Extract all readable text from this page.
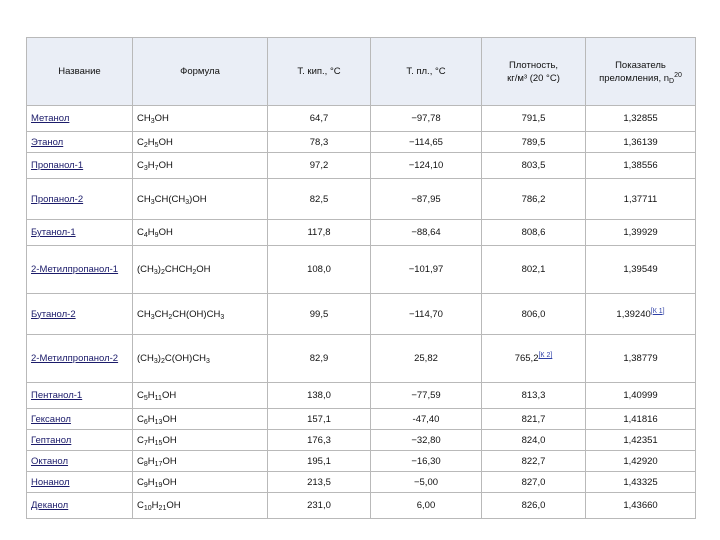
Название	Формула	Т. кип., °C	Т. пл., °C	Плотность,
кг/м³ (20 °C)	Показатель
преломления, $n_D^{20}$
Метанол	$CH_3OH$	64,7	−97,78	791,5	1,32855
Этанол	$C_2H_5OH$	78,3	−114,65	789,5	1,36139
Пропанол-1	$C_3H_7OH$	97,2	−124,10	803,5	1,38556
Пропанол-2	$CH_3CH(CH_3)OH$	82,5	−87,95	786,2	1,37711
Бутанол-1	$C_4H_9OH$	117,8	−88,64	808,6	1,39929
2-Метилпропанол-1	$(CH_3)_2CHCH_2OH$	108,0	−101,97	802,1	1,39549
Бутанол-2	$CH_3CH_2CH(OH)CH_3$	99,5	−114,70	806,0	1,39240[К 1]
2-Метилпропанол-2	$(CH_3)_2C(OH)CH_3$	82,9	25,82	765,2[К 2]	1,38779
Пентанол-1	$C_5H_{11}OH$	138,0	−77,59	813,3	1,40999
Гексанол	$C_6H_{13}OH$	157,1	-47,40	821,7	1,41816
Гептанол	$C_7H_{15}OH$	176,3	−32,80	824,0	1,42351
Октанол	$C_8H_{17}OH$	195,1	−16,30	822,7	1,42920
Нонанол	$C_9H_{19}OH$	213,5	−5,00	827,0	1,43325
Деканол	$C_{10}H_{21}OH$	231,0	6,00	826,0	1,43660
